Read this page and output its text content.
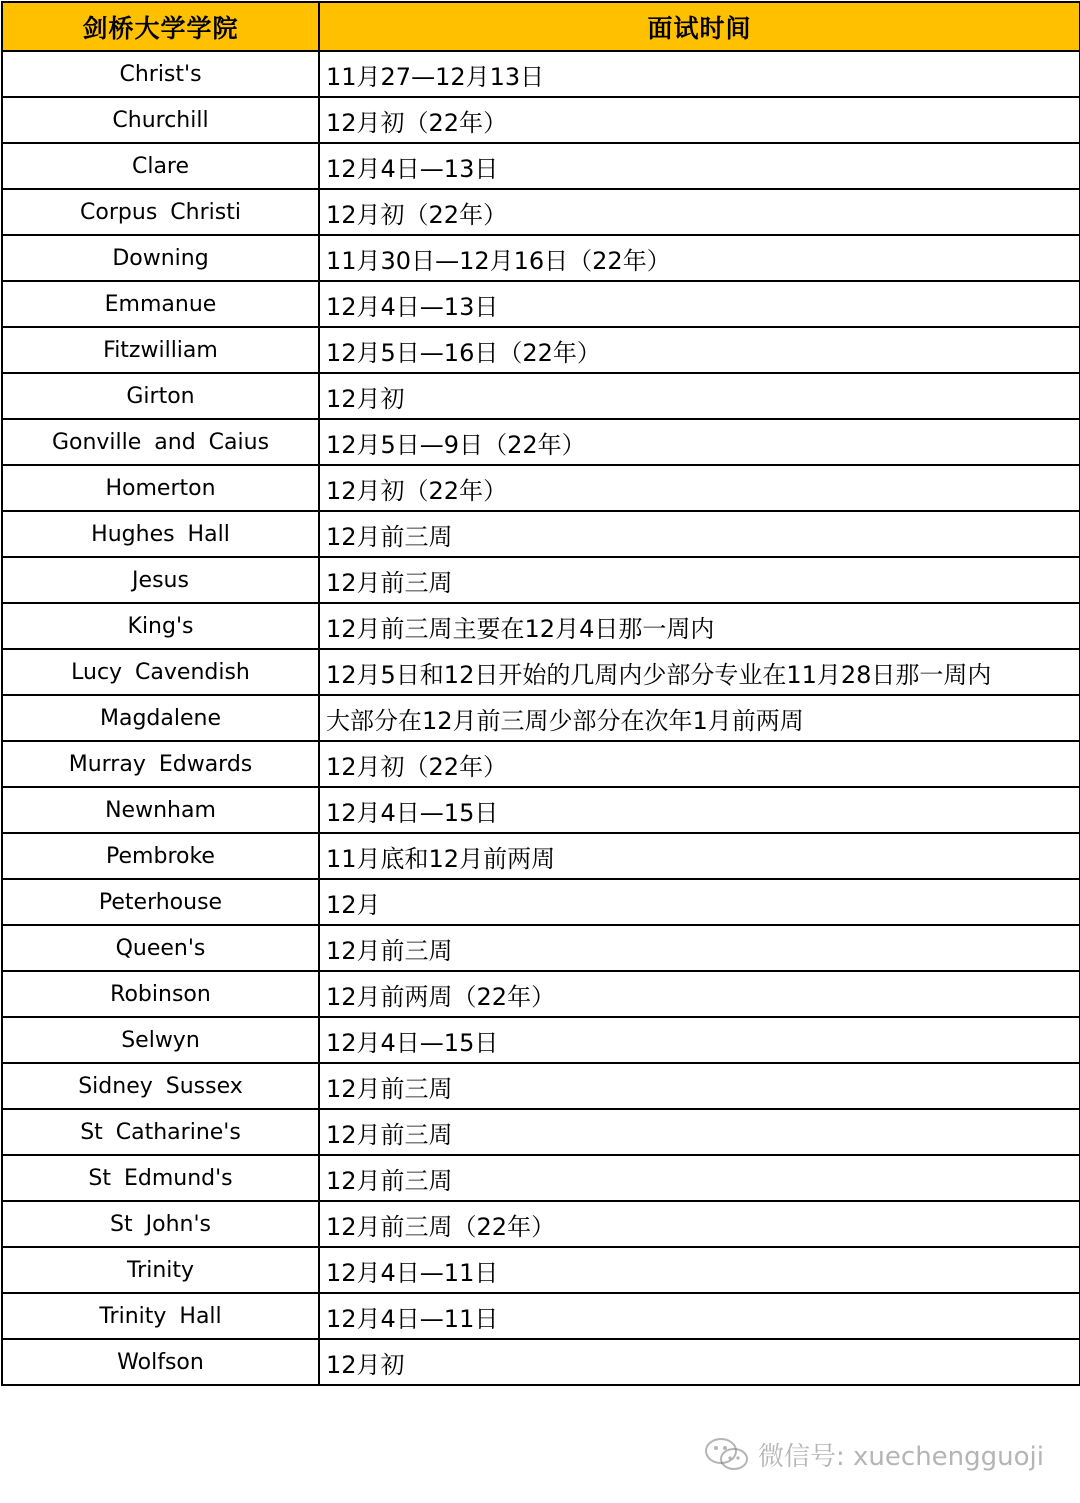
剑桥大学学院	面试时间
Christ's	11月27—12月13日
Churchill	12月初（22年）
Clare	12月4日—13日
Corpus Christi	12月初（22年）
Downing	11月30日—12月16日（22年）
Emmanue	12月4日—13日
Fitzwilliam	12月5日—16日（22年）
Girton	12月初
Gonville and Caius	12月5日—9日（22年）
Homerton	12月初（22年）
Hughes Hall	12月前三周
Jesus	12月前三周
King's	12月前三周主要在12月4日那一周内
Lucy Cavendish	12月5日和12日开始的几周内少部分专业在11月28日那一周内
Magdalene	大部分在12月前三周少部分在次年1月前两周
Murray Edwards	12月初（22年）
Newnham	12月4日—15日
Pembroke	11月底和12月前两周
Peterhouse	12月
Queen's	12月前三周
Robinson	12月前两周（22年）
Selwyn	12月4日—15日
Sidney Sussex	12月前三周
St Catharine's	12月前三周
St Edmund's	12月前三周
St John's	12月前三周（22年）
Trinity	12月4日—11日
Trinity Hall	12月4日—11日
Wolfson	12月初
微信号: xuechengguoji
